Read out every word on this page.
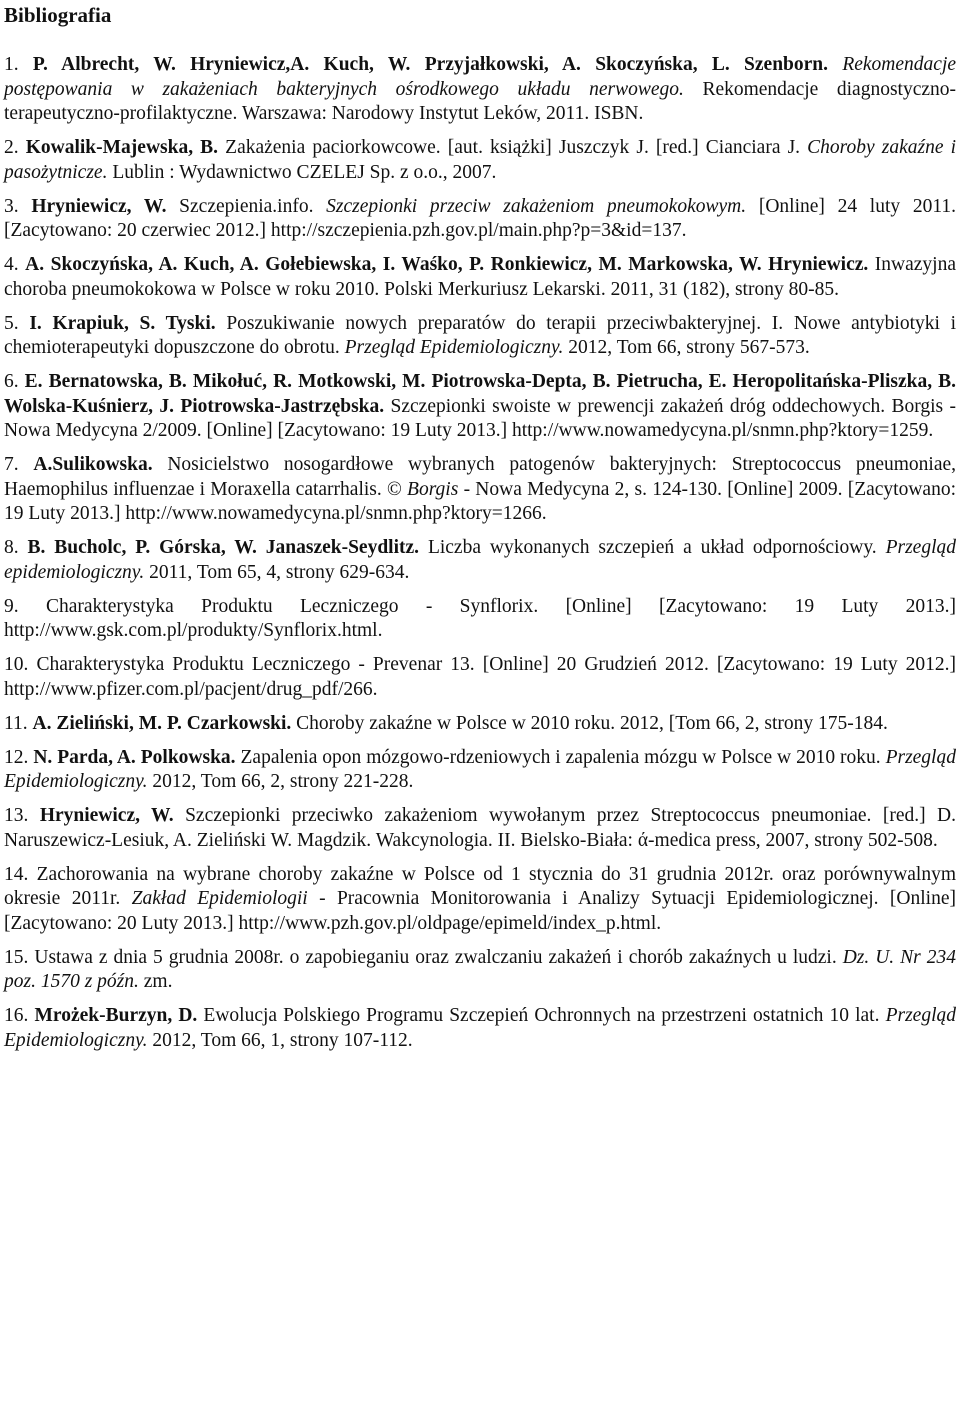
Bibliografia

1. P. Albrecht, W. Hryniewicz,A. Kuch, W. Przyjałkowski, A. Skoczyńska, L. Szenborn. Rekomendacje postępowania w zakażeniach bakteryjnych ośrodkowego układu nerwowego. Rekomendacje diagnostyczno-terapeutyczno-profilaktyczne. Warszawa: Narodowy Instytut Leków, 2011. ISBN.

2. Kowalik-Majewska, B. Zakażenia paciorkowcowe. [aut. książki] Juszczyk J. [red.] Cianciara J. Choroby zakaźne i pasożytnicze. Lublin : Wydawnictwo CZELEJ Sp. z o.o., 2007.

3. Hryniewicz, W. Szczepienia.info. Szczepionki przeciw zakażeniom pneumokokowym. [Online] 24 luty 2011. [Zacytowano: 20 czerwiec 2012.] http://szczepienia.pzh.gov.pl/main.php?p=3&id=137.

4. A. Skoczyńska, A. Kuch, A. Gołebiewska, I. Waśko, P. Ronkiewicz, M. Markowska, W. Hryniewicz. Inwazyjna choroba pneumokokowa w Polsce w roku 2010. Polski Merkuriusz Lekarski. 2011, 31 (182), strony 80-85.

5. I. Krapiuk, S. Tyski. Poszukiwanie nowych preparatów do terapii przeciwbakteryjnej. I. Nowe antybiotyki i chemioterapeutyki dopuszczone do obrotu. Przegląd Epidemiologiczny. 2012, Tom 66, strony 567-573.

6. E. Bernatowska, B. Mikołuć, R. Motkowski, M. Piotrowska-Depta, B. Pietrucha, E. Heropolitańska-Pliszka, B. Wolska-Kuśnierz, J. Piotrowska-Jastrzębska. Szczepionki swoiste w prewencji zakażeń dróg oddechowych. Borgis - Nowa Medycyna 2/2009. [Online] [Zacytowano: 19 Luty 2013.] http://www.nowamedycyna.pl/snmn.php?ktory=1259.

7. A.Sulikowska. Nosicielstwo nosogardłowe wybranych patogenów bakteryjnych: Streptococcus pneumoniae, Haemophilus influenzae i Moraxella catarrhalis. © Borgis - Nowa Medycyna 2, s. 124-130. [Online] 2009. [Zacytowano: 19 Luty 2013.] http://www.nowamedycyna.pl/snmn.php?ktory=1266.

8. B. Bucholc, P. Górska, W. Janaszek-Seydlitz. Liczba wykonanych szczepień a układ odpornościowy. Przegląd epidemiologiczny. 2011, Tom 65, 4, strony 629-634.

9. Charakterystyka Produktu Leczniczego - Synflorix. [Online] [Zacytowano: 19 Luty 2013.] http://www.gsk.com.pl/produkty/Synflorix.html.

10. Charakterystyka Produktu Leczniczego - Prevenar 13. [Online] 20 Grudzień 2012. [Zacytowano: 19 Luty 2012.] http://www.pfizer.com.pl/pacjent/drug_pdf/266.

11. A. Zieliński, M. P. Czarkowski. Choroby zakaźne w Polsce w 2010 roku. 2012, [Tom 66, 2, strony 175-184.

12. N. Parda, A. Polkowska. Zapalenia opon mózgowo-rdzeniowych i zapalenia mózgu w Polsce w 2010 roku. Przegląd Epidemiologiczny. 2012, Tom 66, 2, strony 221-228.

13. Hryniewicz, W. Szczepionki przeciwko zakażeniom wywołanym przez Streptococcus pneumoniae. [red.] D. Naruszewicz-Lesiuk, A. Zieliński W. Magdzik. Wakcynologia. II. Bielsko-Biała: ά-medica press, 2007, strony 502-508.

14. Zachorowania na wybrane choroby zakaźne w Polsce od 1 stycznia do 31 grudnia 2012r. oraz porównywalnym okresie 2011r. Zakład Epidemiologii - Pracownia Monitorowania i Analizy Sytuacji Epidemiologicznej. [Online] [Zacytowano: 20 Luty 2013.] http://www.pzh.gov.pl/oldpage/epimeld/index_p.html.

15. Ustawa z dnia 5 grudnia 2008r. o zapobieganiu oraz zwalczaniu zakażeń i chorób zakaźnych u ludzi. Dz. U. Nr 234 poz. 1570 z późn. zm.

16. Mrożek-Burzyn, D. Ewolucja Polskiego Programu Szczepień Ochronnych na przestrzeni ostatnich 10 lat. Przegląd Epidemiologiczny. 2012, Tom 66, 1, strony 107-112.
